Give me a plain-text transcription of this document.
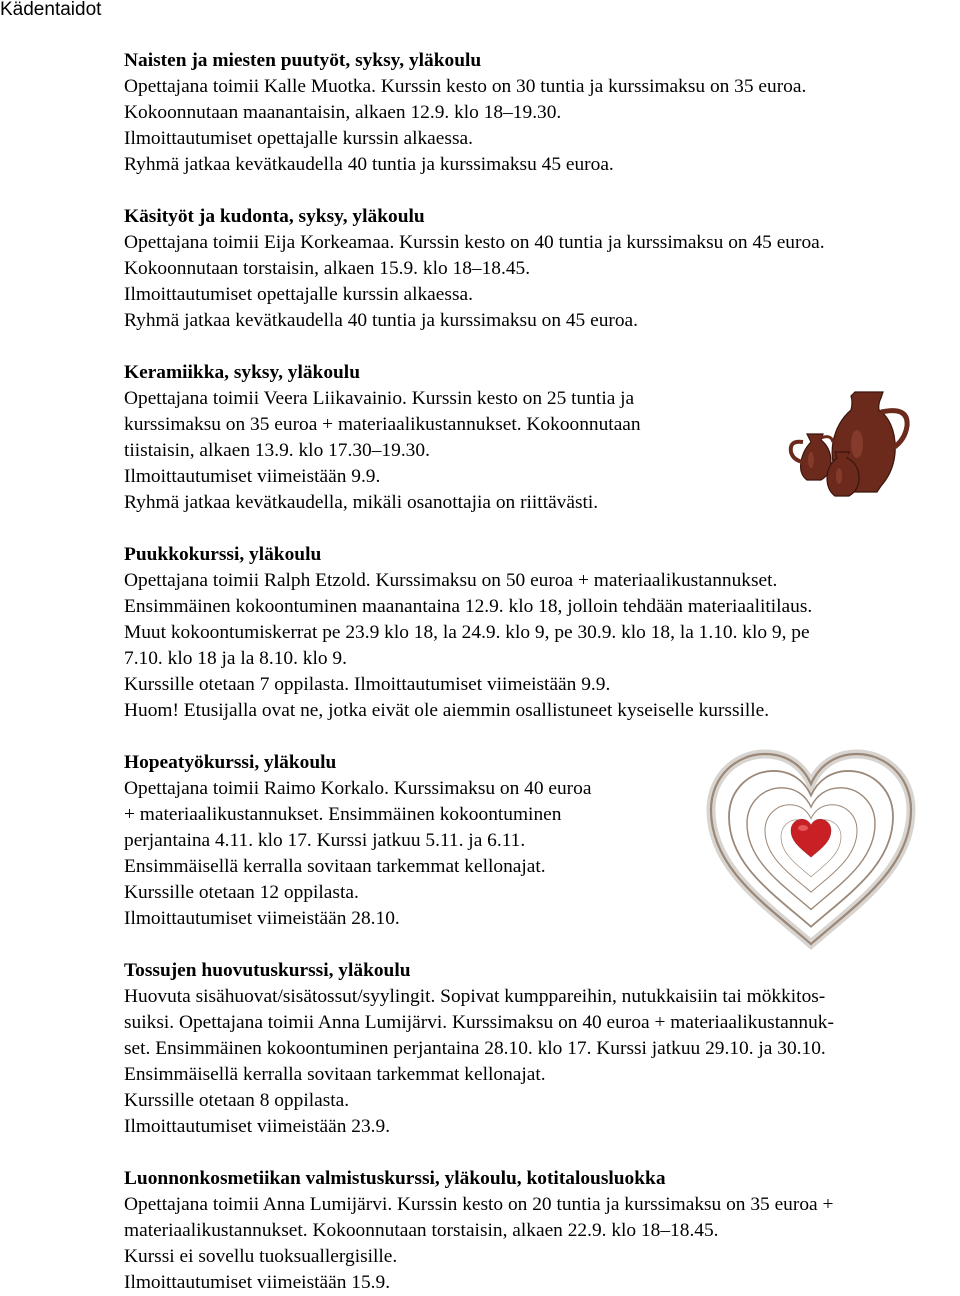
Kädentaidot
Naisten ja miesten puutyöt, syksy, yläkoulu
Opettajana toimii Kalle Muotka. Kurssin kesto on 30 tuntia ja kurssimaksu on 35 euroa.
Kokoonnutaan maanantaisin, alkaen 12.9. klo 18–19.30.
Ilmoittautumiset opettajalle kurssin alkaessa.
Ryhmä jatkaa kevätkaudella 40 tuntia ja kurssimaksu 45 euroa.
Käsityöt ja kudonta, syksy, yläkoulu
Opettajana toimii Eija Korkeamaa. Kurssin kesto on 40 tuntia ja kurssimaksu on 45 euroa.
Kokoonnutaan torstaisin, alkaen 15.9. klo 18–18.45.
Ilmoittautumiset opettajalle kurssin alkaessa.
Ryhmä jatkaa kevätkaudella 40 tuntia ja kurssimaksu on 45 euroa.
Keramiikka, syksy, yläkoulu
Opettajana toimii Veera Liikavainio. Kurssin kesto on 25 tuntia ja
kurssimaksu on 35 euroa + materiaalikustannukset. Kokoonnutaan
tiistaisin, alkaen 13.9. klo 17.30–19.30.
Ilmoittautumiset viimeistään 9.9.
Ryhmä jatkaa kevätkaudella, mikäli osanottajia on riittävästi.
Puukkokurssi, yläkoulu
Opettajana toimii Ralph Etzold. Kurssimaksu on 50 euroa + materiaalikustannukset.
Ensimmäinen kokoontuminen maanantaina 12.9. klo 18, jolloin tehdään materiaalitilaus.
Muut kokoontumiskerrat pe 23.9 klo 18, la 24.9. klo 9, pe 30.9. klo 18, la 1.10. klo 9, pe
7.10. klo 18 ja la 8.10. klo 9.
Kurssille otetaan 7 oppilasta. Ilmoittautumiset viimeistään 9.9.
Huom! Etusijalla ovat ne, jotka eivät ole aiemmin osallistuneet kyseiselle kurssille.
Hopeatyökurssi, yläkoulu
Opettajana toimii Raimo Korkalo. Kurssimaksu on 40 euroa
+ materiaalikustannukset. Ensimmäinen kokoontuminen
perjantaina 4.11. klo 17. Kurssi jatkuu 5.11. ja 6.11.
Ensimmäisellä kerralla sovitaan tarkemmat kellonajat.
Kurssille otetaan 12 oppilasta.
Ilmoittautumiset viimeistään 28.10.
Tossujen huovutuskurssi, yläkoulu
Huovuta sisähuovat/sisätossut/syylingit. Sopivat kumppareihin, nutukkaisiin tai mökkitos-
suiksi. Opettajana toimii Anna Lumijärvi. Kurssimaksu on 40 euroa + materiaalikustannuk-
set. Ensimmäinen kokoontuminen perjantaina 28.10. klo 17. Kurssi jatkuu 29.10. ja 30.10.
Ensimmäisellä kerralla sovitaan tarkemmat kellonajat.
Kurssille otetaan 8 oppilasta.
Ilmoittautumiset viimeistään 23.9.
Luonnonkosmetiikan valmistuskurssi, yläkoulu, kotitalousluokka
Opettajana toimii Anna Lumijärvi. Kurssin kesto on 20 tuntia ja kurssimaksu on 35 euroa +
materiaalikustannukset. Kokoonnutaan torstaisin, alkaen 22.9. klo 18–18.45.
Kurssi ei sovellu tuoksuallergisille.
Ilmoittautumiset viimeistään 15.9.
